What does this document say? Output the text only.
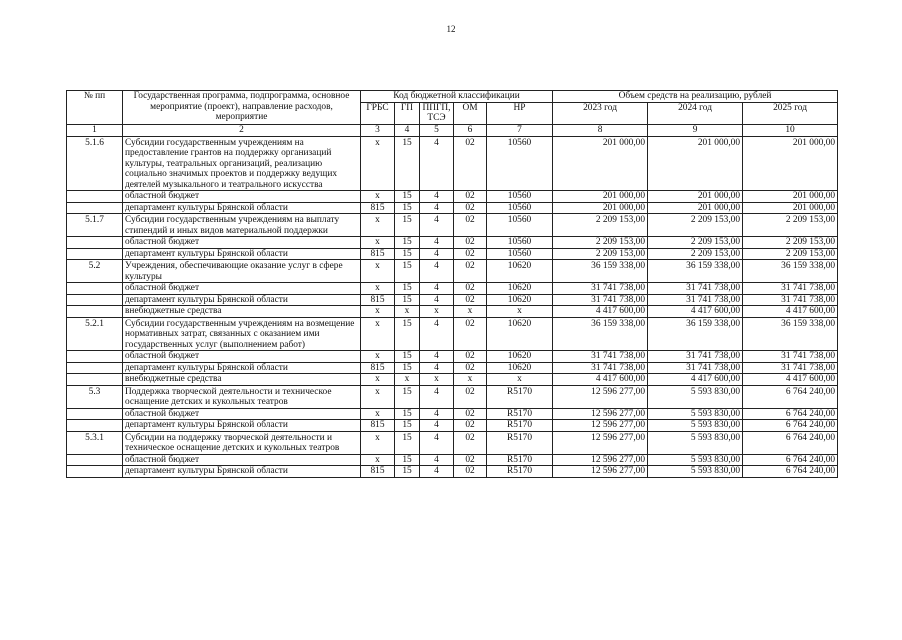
12
№ пп	Государственная программа, подпрограмма, основное мероприятие (проект), направление расходов, мероприятие	Код бюджетной классификации					Объем средств на реализацию, рублей		
		ГРБС	ГП	ППГП, ТСЭ	ОМ	НР	2023 год	2024 год	2025 год
1	2	3	4	5	6	7	8	9	10
5.1.6	Субсидии государственным учреждениям на предоставление грантов на поддержку организаций культуры, театральных организаций, реализацию социально значимых проектов и поддержку ведущих деятелей музыкального и театрального искусства	х	15	4	02	10560	201 000,00	201 000,00	201 000,00
	областной бюджет	х	15	4	02	10560	201 000,00	201 000,00	201 000,00
	департамент культуры Брянской области	815	15	4	02	10560	201 000,00	201 000,00	201 000,00
5.1.7	Субсидии государственным учреждениям на выплату стипендий и иных видов материальной поддержки	х	15	4	02	10560	2 209 153,00	2 209 153,00	2 209 153,00
	областной бюджет	х	15	4	02	10560	2 209 153,00	2 209 153,00	2 209 153,00
	департамент культуры Брянской области	815	15	4	02	10560	2 209 153,00	2 209 153,00	2 209 153,00
5.2	Учреждения, обеспечивающие оказание услуг в сфере культуры	х	15	4	02	10620	36 159 338,00	36 159 338,00	36 159 338,00
	областной бюджет	х	15	4	02	10620	31 741 738,00	31 741 738,00	31 741 738,00
	департамент культуры Брянской области	815	15	4	02	10620	31 741 738,00	31 741 738,00	31 741 738,00
	внебюджетные средства	х	х	х	х	х	4 417 600,00	4 417 600,00	4 417 600,00
5.2.1	Субсидии государственным учреждениям на возмещение нормативных затрат, связанных с оказанием ими государственных услуг (выполнением работ)	х	15	4	02	10620	36 159 338,00	36 159 338,00	36 159 338,00
	областной бюджет	х	15	4	02	10620	31 741 738,00	31 741 738,00	31 741 738,00
	департамент культуры Брянской области	815	15	4	02	10620	31 741 738,00	31 741 738,00	31 741 738,00
	внебюджетные средства	х	х	х	х	х	4 417 600,00	4 417 600,00	4 417 600,00
5.3	Поддержка творческой деятельности и техническое оснащение детских и кукольных театров	х	15	4	02	R5170	12 596 277,00	5 593 830,00	6 764 240,00
	областной бюджет	х	15	4	02	R5170	12 596 277,00	5 593 830,00	6 764 240,00
	департамент культуры Брянской области	815	15	4	02	R5170	12 596 277,00	5 593 830,00	6 764 240,00
5.3.1	Субсидии на поддержку творческой деятельности и техническое оснащение детских и кукольных театров	х	15	4	02	R5170	12 596 277,00	5 593 830,00	6 764 240,00
	областной бюджет	х	15	4	02	R5170	12 596 277,00	5 593 830,00	6 764 240,00
	департамент культуры Брянской области	815	15	4	02	R5170	12 596 277,00	5 593 830,00	6 764 240,00
